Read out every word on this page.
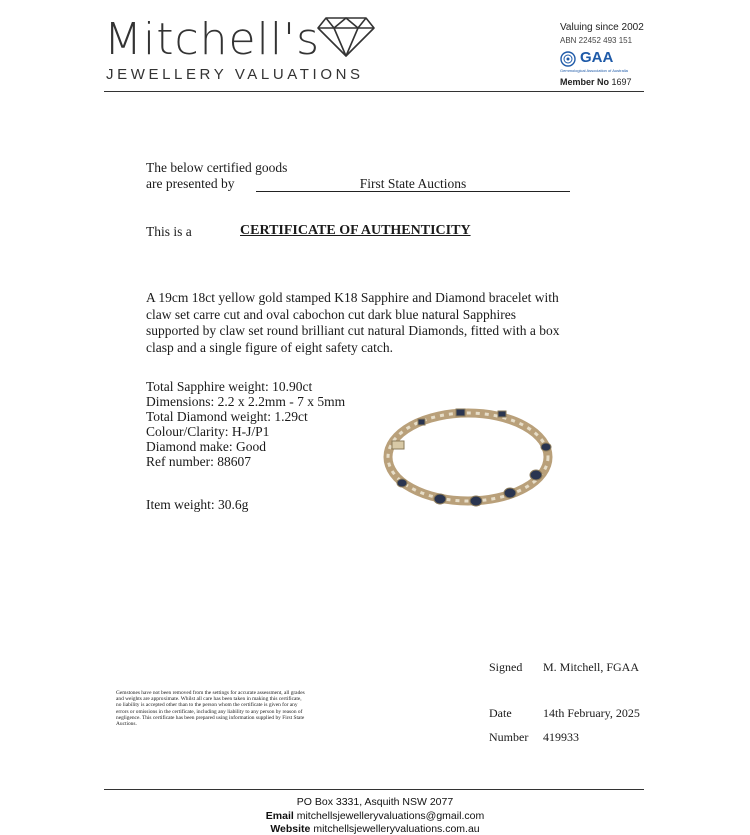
Mitchell's
JEWELLERY VALUATIONS
Valuing since 2002
ABN 22452 493 151
GAA
Gemmological Association of Australia
Member No 1697
The below certified goods
are presented by	First State Auctions
This is a	CERTIFICATE OF AUTHENTICITY
A 19cm 18ct yellow gold stamped K18 Sapphire and Diamond bracelet with claw set carre cut and oval cabochon cut dark blue natural Sapphires supported by claw set round brilliant cut natural Diamonds, fitted with a box clasp and a single figure of eight safety catch.
Total Sapphire weight: 10.90ct
Dimensions: 2.2 x 2.2mm - 7 x 5mm
Total Diamond weight: 1.29ct
Colour/Clarity: H-J/P1
Diamond make: Good
Ref number: 88607
Item weight: 30.6g
Signed M. Mitchell, FGAA
Date	14th February, 2025
Number 419933
Gemstones have not been removed from the settings for accurate assessment, all grades and weights are approximate. Whilst all care has been taken in making this certificate, no liability is accepted other than to the person whom the certificate is given for any errors or omissions in the certificate, including any liability to any person by reason of negligence. This certificate has been prepared using information supplied by First State Auctions.
PO Box 3331, Asquith NSW 2077
Email mitchellsjewelleryvaluations@gmail.com
Website mitchellsjewelleryvaluations.com.au
